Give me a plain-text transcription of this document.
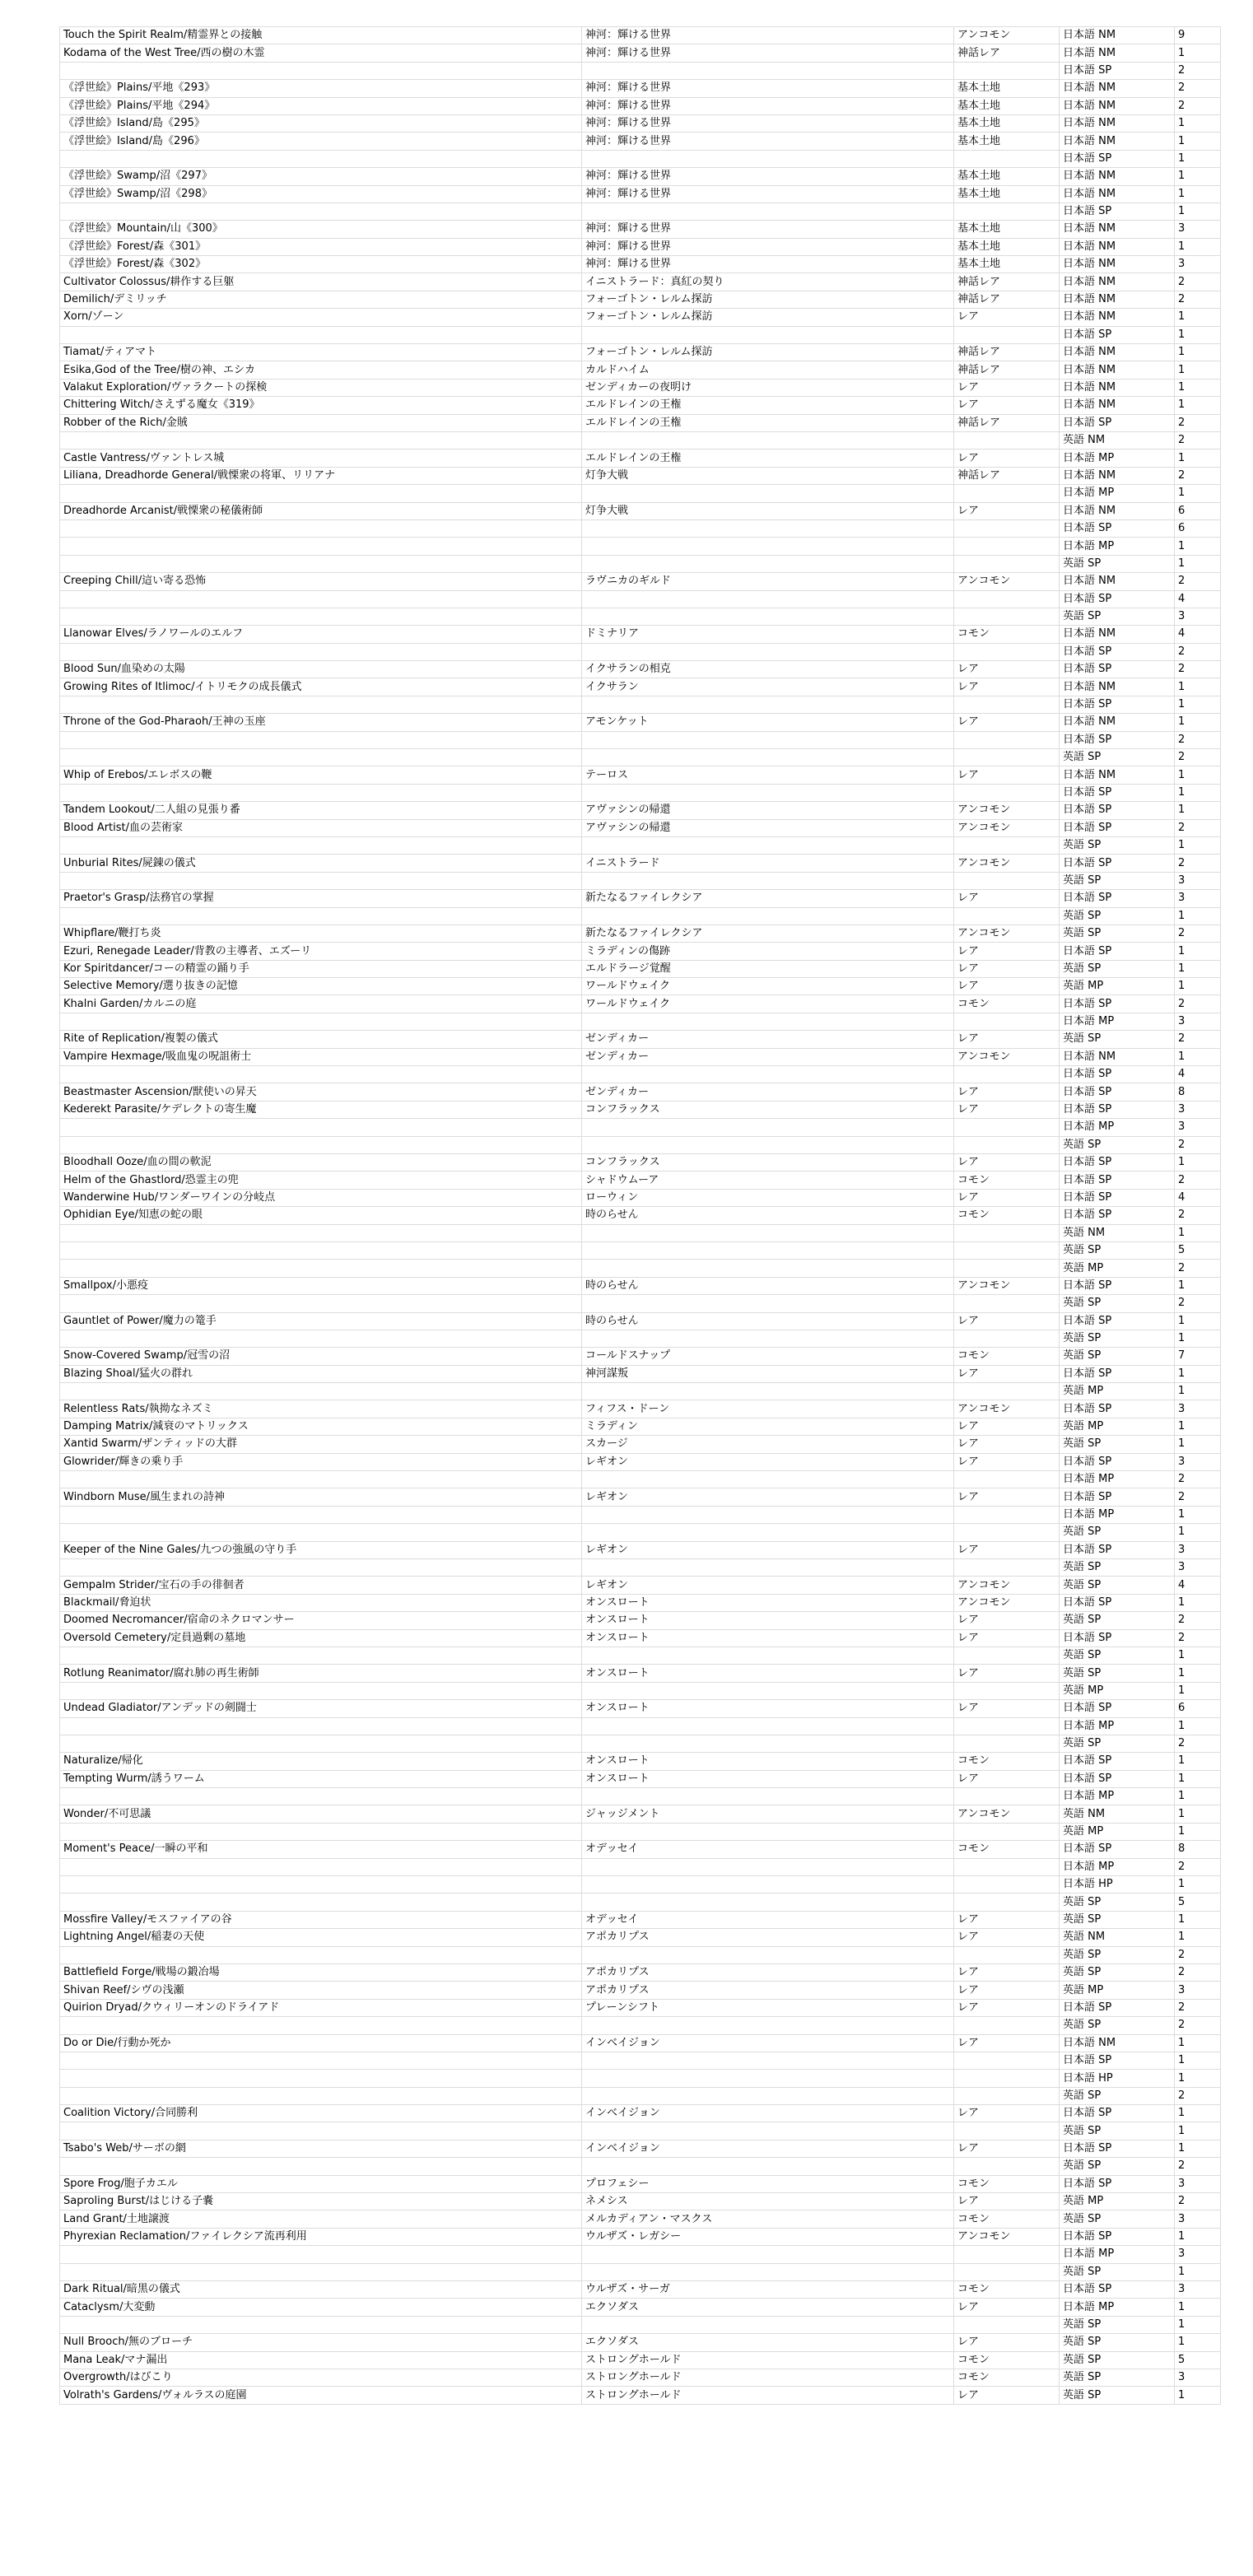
Touch the Spirit Realm/精霊界との接触	神河：輝ける世界	アンコモン	日本語 NM	9
Kodama of the West Tree/西の樹の木霊	神河：輝ける世界	神話レア	日本語 NM	1
			日本語 SP	2
《浮世絵》Plains/平地《293》	神河：輝ける世界	基本土地	日本語 NM	2
《浮世絵》Plains/平地《294》	神河：輝ける世界	基本土地	日本語 NM	2
《浮世絵》Island/島《295》	神河：輝ける世界	基本土地	日本語 NM	1
《浮世絵》Island/島《296》	神河：輝ける世界	基本土地	日本語 NM	1
			日本語 SP	1
《浮世絵》Swamp/沼《297》	神河：輝ける世界	基本土地	日本語 NM	1
《浮世絵》Swamp/沼《298》	神河：輝ける世界	基本土地	日本語 NM	1
			日本語 SP	1
《浮世絵》Mountain/山《300》	神河：輝ける世界	基本土地	日本語 NM	3
《浮世絵》Forest/森《301》	神河：輝ける世界	基本土地	日本語 NM	1
《浮世絵》Forest/森《302》	神河：輝ける世界	基本土地	日本語 NM	3
Cultivator Colossus/耕作する巨躯	イニストラード：真紅の契り	神話レア	日本語 NM	2
Demilich/デミリッチ	フォーゴトン・レルム探訪	神話レア	日本語 NM	2
Xorn/ゾーン	フォーゴトン・レルム探訪	レア	日本語 NM	1
			日本語 SP	1
Tiamat/ティアマト	フォーゴトン・レルム探訪	神話レア	日本語 NM	1
Esika,God of the Tree/樹の神、エシカ	カルドハイム	神話レア	日本語 NM	1
Valakut Exploration/ヴァラクートの探検	ゼンディカーの夜明け	レア	日本語 NM	1
Chittering Witch/さえずる魔女《319》	エルドレインの王権	レア	日本語 NM	1
Robber of the Rich/金賊	エルドレインの王権	神話レア	日本語 SP	2
			英語 NM	2
Castle Vantress/ヴァントレス城	エルドレインの王権	レア	日本語 MP	1
Liliana, Dreadhorde General/戦慄衆の将軍、リリアナ	灯争大戦	神話レア	日本語 NM	2
			日本語 MP	1
Dreadhorde Arcanist/戦慄衆の秘儀術師	灯争大戦	レア	日本語 NM	6
			日本語 SP	6
			日本語 MP	1
			英語 SP	1
Creeping Chill/這い寄る恐怖	ラヴニカのギルド	アンコモン	日本語 NM	2
			日本語 SP	4
			英語 SP	3
Llanowar Elves/ラノワールのエルフ	ドミナリア	コモン	日本語 NM	4
			日本語 SP	2
Blood Sun/血染めの太陽	イクサランの相克	レア	日本語 SP	2
Growing Rites of Itlimoc/イトリモクの成長儀式	イクサラン	レア	日本語 NM	1
			日本語 SP	1
Throne of the God-Pharaoh/王神の玉座	アモンケット	レア	日本語 NM	1
			日本語 SP	2
			英語 SP	2
Whip of Erebos/エレボスの鞭	テーロス	レア	日本語 NM	1
			日本語 SP	1
Tandem Lookout/二人組の見張り番	アヴァシンの帰還	アンコモン	日本語 SP	1
Blood Artist/血の芸術家	アヴァシンの帰還	アンコモン	日本語 SP	2
			英語 SP	1
Unburial Rites/屍錬の儀式	イニストラード	アンコモン	日本語 SP	2
			英語 SP	3
Praetor's Grasp/法務官の掌握	新たなるファイレクシア	レア	日本語 SP	3
			英語 SP	1
Whipflare/鞭打ち炎	新たなるファイレクシア	アンコモン	英語 SP	2
Ezuri, Renegade Leader/背教の主導者、エズーリ	ミラディンの傷跡	レア	日本語 SP	1
Kor Spiritdancer/コーの精霊の踊り手	エルドラージ覚醒	レア	英語 SP	1
Selective Memory/選り抜きの記憶	ワールドウェイク	レア	英語 MP	1
Khalni Garden/カルニの庭	ワールドウェイク	コモン	日本語 SP	2
			日本語 MP	3
Rite of Replication/複製の儀式	ゼンディカー	レア	英語 SP	2
Vampire Hexmage/吸血鬼の呪詛術士	ゼンディカー	アンコモン	日本語 NM	1
			日本語 SP	4
Beastmaster Ascension/獣使いの昇天	ゼンディカー	レア	日本語 SP	8
Kederekt Parasite/ケデレクトの寄生魔	コンフラックス	レア	日本語 SP	3
			日本語 MP	3
			英語 SP	2
Bloodhall Ooze/血の間の軟泥	コンフラックス	レア	日本語 SP	1
Helm of the Ghastlord/恐霊主の兜	シャドウムーア	コモン	日本語 SP	2
Wanderwine Hub/ワンダーワインの分岐点	ローウィン	レア	日本語 SP	4
Ophidian Eye/知恵の蛇の眼	時のらせん	コモン	日本語 SP	2
			英語 NM	1
			英語 SP	5
			英語 MP	2
Smallpox/小悪疫	時のらせん	アンコモン	日本語 SP	1
			英語 SP	2
Gauntlet of Power/魔力の篭手	時のらせん	レア	日本語 SP	1
			英語 SP	1
Snow-Covered Swamp/冠雪の沼	コールドスナップ	コモン	英語 SP	7
Blazing Shoal/猛火の群れ	神河謀叛	レア	日本語 SP	1
			英語 MP	1
Relentless Rats/執拗なネズミ	フィフス・ドーン	アンコモン	日本語 SP	3
Damping Matrix/減衰のマトリックス	ミラディン	レア	英語 MP	1
Xantid Swarm/ザンティッドの大群	スカージ	レア	英語 SP	1
Glowrider/輝きの乗り手	レギオン	レア	日本語 SP	3
			日本語 MP	2
Windborn Muse/風生まれの詩神	レギオン	レア	日本語 SP	2
			日本語 MP	1
			英語 SP	1
Keeper of the Nine Gales/九つの強風の守り手	レギオン	レア	日本語 SP	3
			英語 SP	3
Gempalm Strider/宝石の手の徘徊者	レギオン	アンコモン	英語 SP	4
Blackmail/脅迫状	オンスロート	アンコモン	日本語 SP	1
Doomed Necromancer/宿命のネクロマンサー	オンスロート	レア	英語 SP	2
Oversold Cemetery/定員過剰の墓地	オンスロート	レア	日本語 SP	2
			英語 SP	1
Rotlung Reanimator/腐れ肺の再生術師	オンスロート	レア	英語 SP	1
			英語 MP	1
Undead Gladiator/アンデッドの剣闘士	オンスロート	レア	日本語 SP	6
			日本語 MP	1
			英語 SP	2
Naturalize/帰化	オンスロート	コモン	日本語 SP	1
Tempting Wurm/誘うワーム	オンスロート	レア	日本語 SP	1
			日本語 MP	1
Wonder/不可思議	ジャッジメント	アンコモン	英語 NM	1
			英語 MP	1
Moment's Peace/一瞬の平和	オデッセイ	コモン	日本語 SP	8
			日本語 MP	2
			日本語 HP	1
			英語 SP	5
Mossfire Valley/モスファイアの谷	オデッセイ	レア	英語 SP	1
Lightning Angel/稲妻の天使	アポカリプス	レア	英語 NM	1
			英語 SP	2
Battlefield Forge/戦場の鍛冶場	アポカリプス	レア	英語 SP	2
Shivan Reef/シヴの浅瀬	アポカリプス	レア	英語 MP	3
Quirion Dryad/クウィリーオンのドライアド	プレーンシフト	レア	日本語 SP	2
			英語 SP	2
Do or Die/行動か死か	インベイジョン	レア	日本語 NM	1
			日本語 SP	1
			日本語 HP	1
			英語 SP	2
Coalition Victory/合同勝利	インベイジョン	レア	日本語 SP	1
			英語 SP	1
Tsabo's Web/サーボの網	インベイジョン	レア	日本語 SP	1
			英語 SP	2
Spore Frog/胞子カエル	プロフェシー	コモン	日本語 SP	3
Saproling Burst/はじける子嚢	ネメシス	レア	英語 MP	2
Land Grant/土地譲渡	メルカディアン・マスクス	コモン	英語 SP	3
Phyrexian Reclamation/ファイレクシア流再利用	ウルザズ・レガシー	アンコモン	日本語 SP	1
			日本語 MP	3
			英語 SP	1
Dark Ritual/暗黒の儀式	ウルザズ・サーガ	コモン	日本語 SP	3
Cataclysm/大変動	エクソダス	レア	日本語 MP	1
			英語 SP	1
Null Brooch/無のブローチ	エクソダス	レア	英語 SP	1
Mana Leak/マナ漏出	ストロングホールド	コモン	英語 SP	5
Overgrowth/はびこり	ストロングホールド	コモン	英語 SP	3
Volrath's Gardens/ヴォルラスの庭園	ストロングホールド	レア	英語 SP	1
